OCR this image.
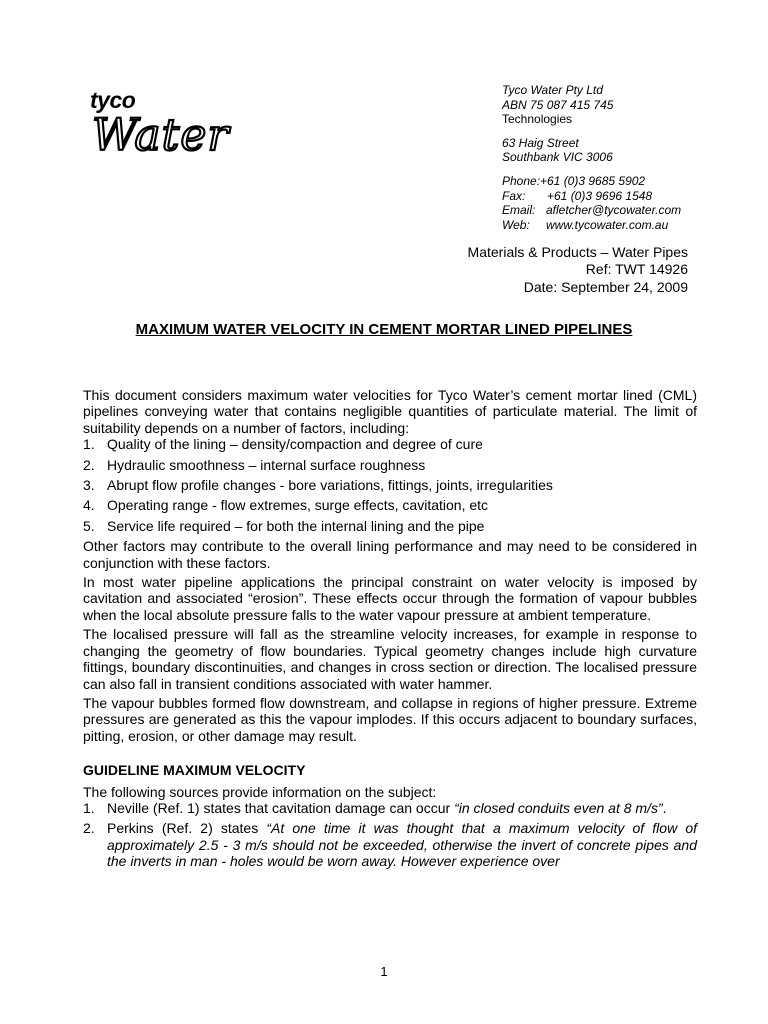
tyco
Water
Tyco Water Pty Ltd
ABN 75 087 415 745
Technologies
63 Haig Street
Southbank VIC 3006
Phone: +61 (0)3 9685 5902
Fax:	+61 (0)3 9696 1548
Email: afletcher@tycowater.com
Web:	www.tycowater.com.au
Materials & Products – Water Pipes
Ref: TWT 14926
Date: September 24, 2009
MAXIMUM WATER VELOCITY IN CEMENT MORTAR LINED PIPELINES

This document considers maximum water velocities for Tyco Water’s cement mortar lined (CML) pipelines conveying water that contains negligible quantities of particulate material. The limit of suitability depends on a number of factors, including:

1. Quality of the lining – density/compaction and degree of cure
2. Hydraulic smoothness – internal surface roughness
3. Abrupt flow profile changes - bore variations, fittings, joints, irregularities
4. Operating range - flow extremes, surge effects, cavitation, etc
5. Service life required – for both the internal lining and the pipe

Other factors may contribute to the overall lining performance and may need to be considered in conjunction with these factors.

In most water pipeline applications the principal constraint on water velocity is imposed by cavitation and associated “erosion”. These effects occur through the formation of vapour bubbles when the local absolute pressure falls to the water vapour pressure at ambient temperature.

The localised pressure will fall as the streamline velocity increases, for example in response to changing the geometry of flow boundaries. Typical geometry changes include high curvature fittings, boundary discontinuities, and changes in cross section or direction. The localised pressure can also fall in transient conditions associated with water hammer.

The vapour bubbles formed flow downstream, and collapse in regions of higher pressure. Extreme pressures are generated as this the vapour implodes. If this occurs adjacent to boundary surfaces, pitting, erosion, or other damage may result.

GUIDELINE MAXIMUM VELOCITY

The following sources provide information on the subject:

1. Neville (Ref. 1) states that cavitation damage can occur “in closed conduits even at 8 m/s”.
2. Perkins (Ref. 2) states “At one time it was thought that a maximum velocity of flow of approximately 2.5 - 3 m/s should not be exceeded, otherwise the invert of concrete pipes and the inverts in man - holes would be worn away. However experience over
1
